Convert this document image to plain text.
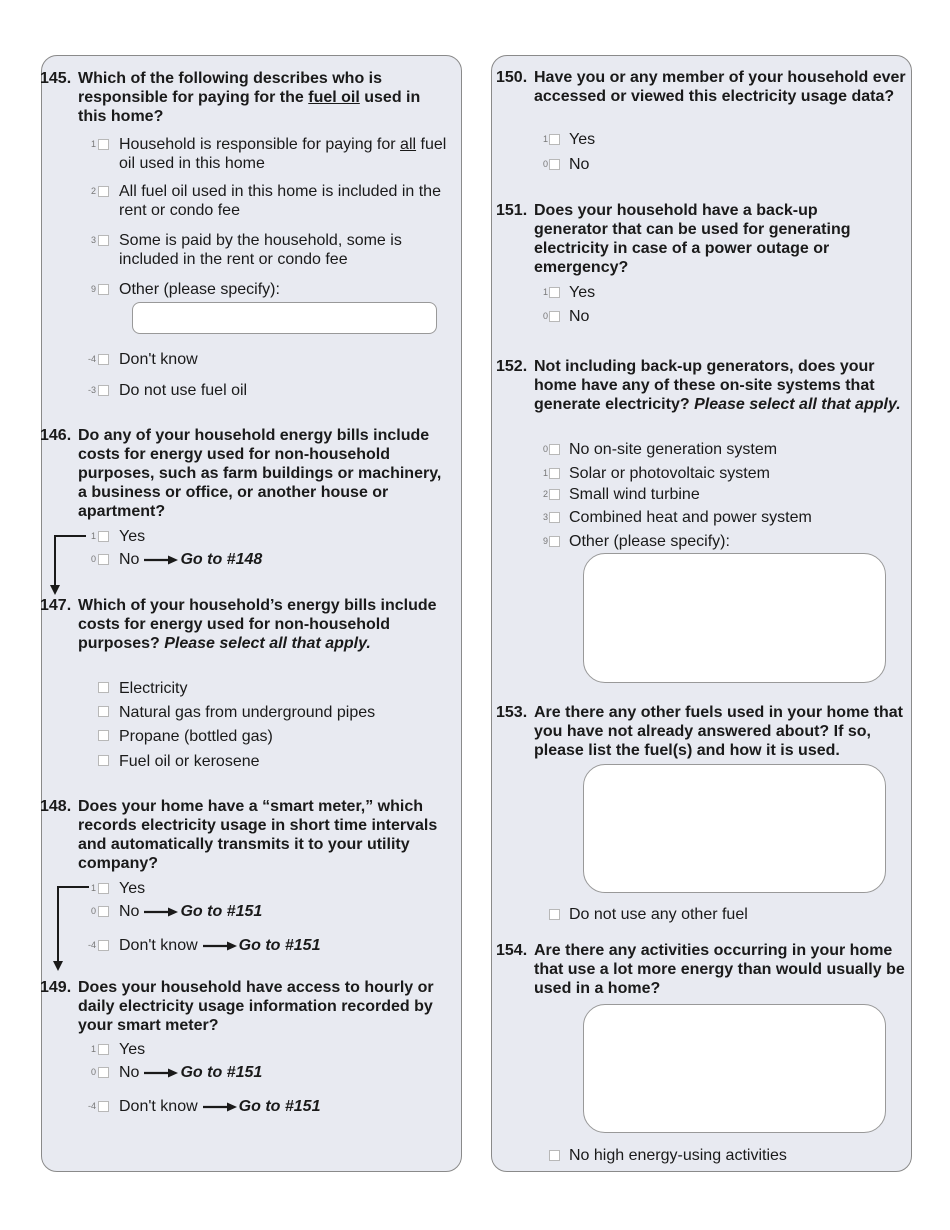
145. Which of the following describes who is responsible for paying for the fuel oil used in this home?
1 Household is responsible for paying for all fuel oil used in this home
2 All fuel oil used in this home is included in the rent or condo fee
3 Some is paid by the household, some is included in the rent or condo fee
9 Other (please specify):
-4 Don't know
-3 Do not use fuel oil
146. Do any of your household energy bills include costs for energy used for non-household purposes, such as farm buildings or machinery, a business or office, or another house or apartment?
1 Yes
0 No	Go to #148
147. Which of your household’s energy bills include costs for energy used for non-household purposes? Please select all that apply.
Electricity
Natural gas from underground pipes
Propane (bottled gas)
Fuel oil or kerosene
148. Does your home have a “smart meter,” which records electricity usage in short time intervals and automatically transmits it to your utility company?
1 Yes
0 No	Go to #151
-4 Don't know	Go to #151
149. Does your household have access to hourly or daily electricity usage information recorded by your smart meter?
1 Yes
0 No	Go to #151
-4 Don't know	Go to #151
150. Have you or any member of your household ever accessed or viewed this electricity usage data?
1 Yes
0 No
151. Does your household have a back-up generator that can be used for generating electricity in case of a power outage or emergency?
1 Yes
0 No
152. Not including back-up generators, does your home have any of these on-site systems that generate electricity? Please select all that apply.
0 No on-site generation system
1 Solar or photovoltaic system
2 Small wind turbine
3 Combined heat and power system
9 Other (please specify):
153. Are there any other fuels used in your home that you have not already answered about? If so, please list the fuel(s) and how it is used.
Do not use any other fuel
154. Are there any activities occurring in your home that use a lot more energy than would usually be used in a home?
No high energy-using activities
